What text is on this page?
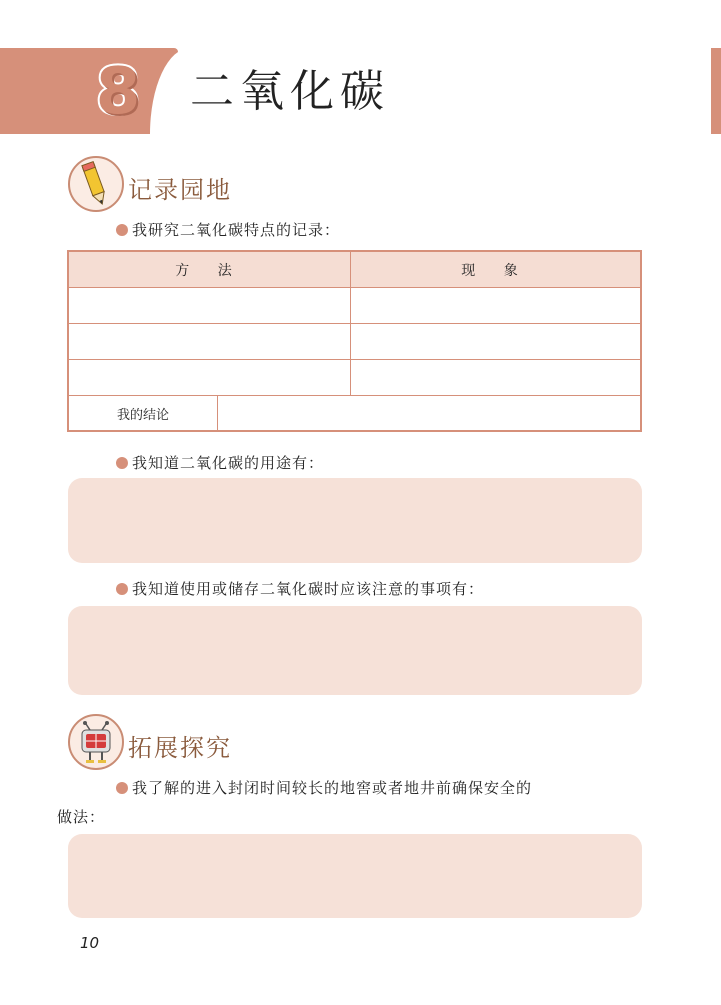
8 二氧化碳
记录园地
我研究二氧化碳特点的记录：
方 法		现 象

我的结论		
我知道二氧化碳的用途有：
我知道使用或储存二氧化碳时应该注意的事项有：
拓展探究
我了解的进入封闭时间较长的地窖或者地井前确保安全的
做法：
10
